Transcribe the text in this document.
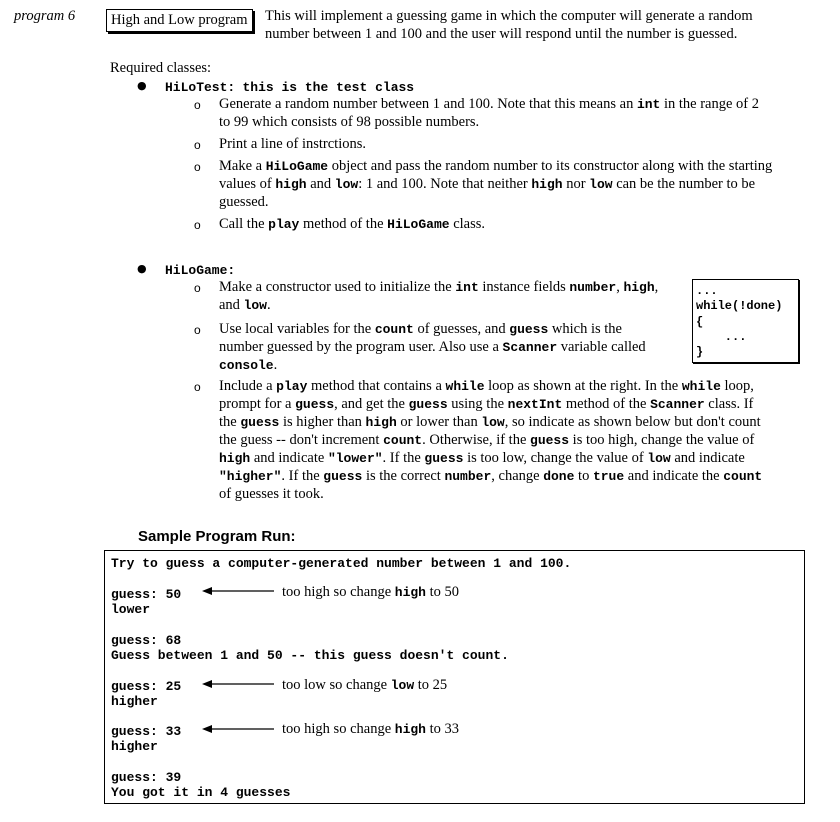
program 6	High and Low program	This will implement a guessing game in which the computer will generate a random
number between 1 and 100 and the user will respond until the number is guessed.
Required classes:
● HiLoTest: this is the test class
o Generate a random number between 1 and 100. Note that this means an int in the range of 2
to 99 which consists of 98 possible numbers.
o Print a line of instrctions.
o Make a HiLoGame object and pass the random number to its constructor along with the starting
values of high and low: 1 and 100. Note that neither high nor low can be the number to be
guessed.
o Call the play method of the HiLoGame class.
● HiLoGame:
o Make a constructor used to initialize the int instance fields number, high,
and low.
...
while(!done)
{
...
}
o Use local variables for the count of guesses, and guess which is the
number guessed by the program user. Also use a Scanner variable called
console.
o Include a play method that contains a while loop as shown at the right. In the while loop,
prompt for a guess, and get the guess using the nextInt method of the Scanner class. If
the guess is higher than high or lower than low, so indicate as shown below but don't count
the guess -- don't increment count. Otherwise, if the guess is too high, change the value of
high and indicate "lower". If the guess is too low, change the value of low and indicate
"higher". If the guess is the correct number, change done to true and indicate the count
of guesses it took.
Sample Program Run:
Try to guess a computer-generated number between 1 and 100.
guess: 50
lower
guess: 68
Guess between 1 and 50 -- this guess doesn't count.
guess: 25
higher
guess: 33
higher
guess: 39
You got it in 4 guesses
too high so change high to 50
too low so change low to 25
too high so change high to 33
